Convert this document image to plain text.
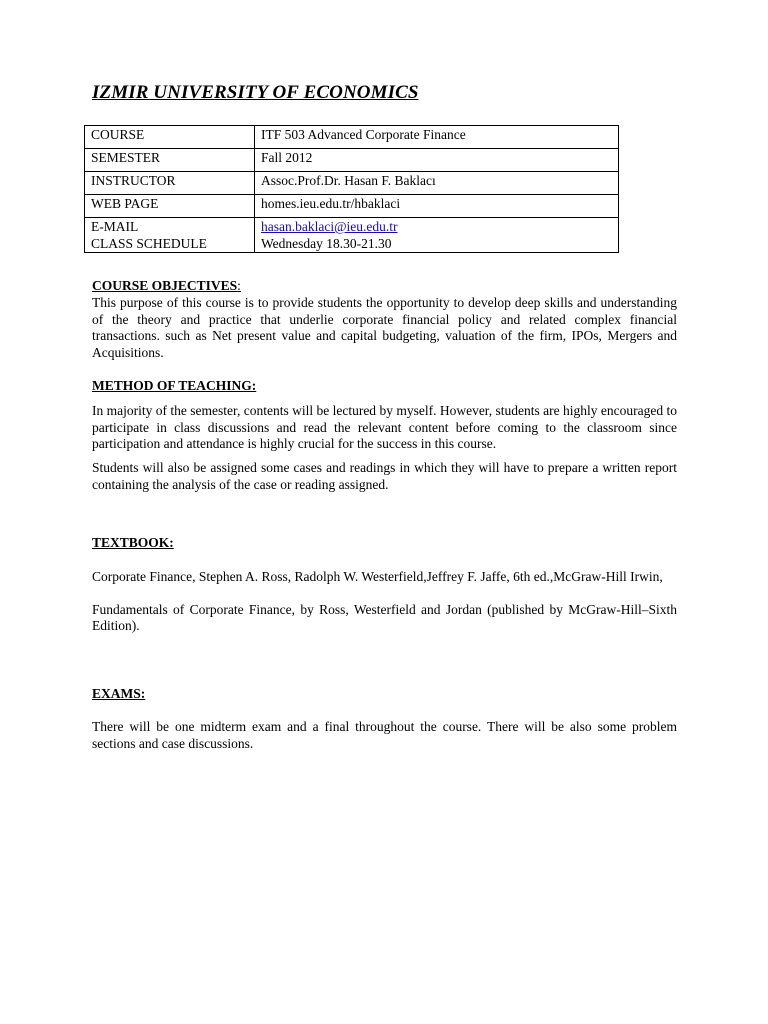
IZMIR UNIVERSITY OF ECONOMICS
COURSE	ITF 503 Advanced Corporate Finance
SEMESTER	Fall 2012
INSTRUCTOR	Assoc.Prof.Dr. Hasan F. Baklacı
WEB PAGE	homes.ieu.edu.tr/hbaklaci
E-MAIL	hasan.baklaci@ieu.edu.tr
CLASS SCHEDULE	Wednesday 18.30-21.30

COURSE OBJECTIVES:

This purpose of this course is to provide students the opportunity to develop deep skills and understanding of the theory and practice that underlie corporate financial policy and related complex financial transactions. such as Net present value and capital budgeting, valuation of the firm, IPOs, Mergers and Acquisitions.

METHOD OF TEACHING:

In majority of the semester, contents will be lectured by myself. However, students are highly encouraged to participate in class discussions and read the relevant content before coming to the classroom since participation and attendance is highly crucial for the success in this course.

Students will also be assigned some cases and readings in which they will have to prepare a written report containing the analysis of the case or reading assigned.

TEXTBOOK:

Corporate Finance, Stephen A. Ross, Radolph W. Westerfield,Jeffrey F. Jaffe, 6th ed.,McGraw-Hill Irwin,

Fundamentals of Corporate Finance, by Ross, Westerfield and Jordan (published by McGraw-Hill–Sixth Edition).

EXAMS:

There will be one midterm exam and a final throughout the course. There will be also some problem sections and case discussions.
